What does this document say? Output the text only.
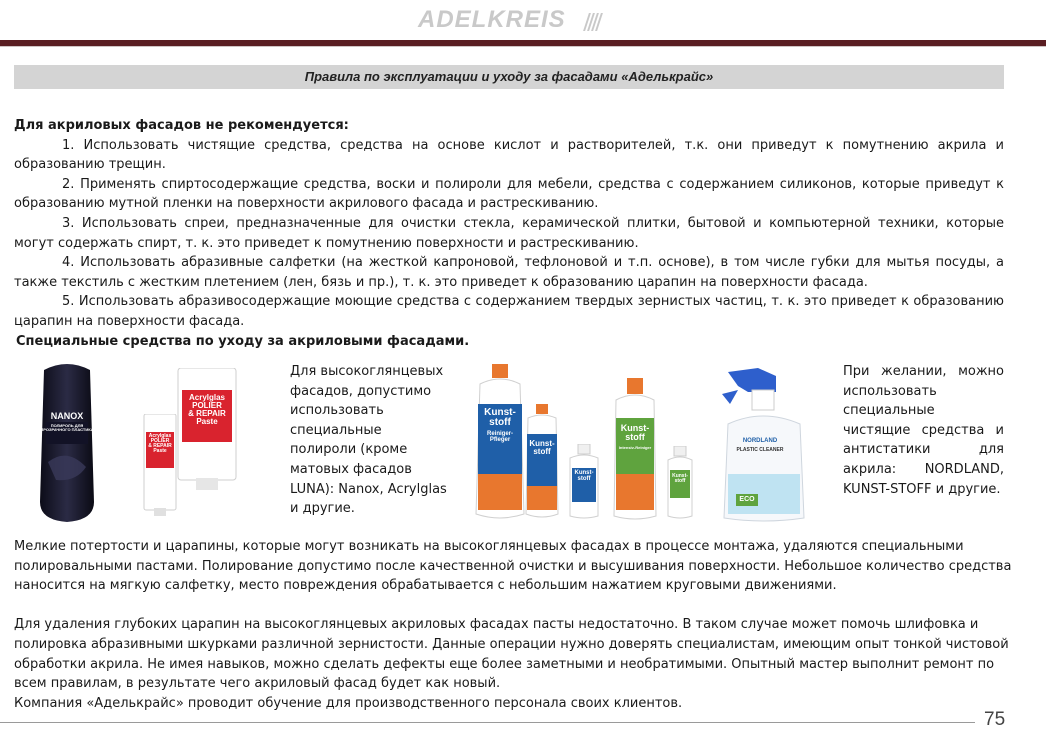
ADELKREIS
Правила по эксплуатации и уходу за фасадами «Аделькрайс»
Для акриловых фасадов не рекомендуется:

1. Использовать чистящие средства, средства на основе кислот и растворителей, т.к. они приведут к помутнению акрила и образованию трещин.

2. Применять спиртосодержащие средства, воски и полироли для мебели, средства с содержанием силиконов, которые приведут к образованию мутной пленки на поверхности акрилового фасада и растрескиванию.

3. Использовать спреи, предназначенные для очистки стекла, керамической плитки, бытовой и компьютерной техники, которые могут содержать спирт, т. к. это приведет к помутнению поверхности и растрескиванию.

4. Использовать абразивные салфетки (на жесткой капроновой, тефлоновой и т.п. основе), в том числе губки для мытья посуды, а также текстиль с жестким плетением (лен, бязь и пр.), т. к. это приведет к образованию царапин на поверхности фасада.

5. Использовать абразивосодержащие моющие средства с содержанием твердых зернистых частиц, т. к. это приведет к образованию царапин на поверхности фасада.

Специальные средства по уходу за акриловыми фасадами.
NANOX
ПОЛИРОЛЬ ДЛЯ ПРОЗРАЧНОГО ПЛАСТИКА
Acrylglas
POLIER
& REPAIR
Paste
Acrylglas
POLIER
& REPAIR
Paste
Для высокоглянцевых фасадов, допустимо использовать специальные полироли (кроме матовых фасадов LUNA): Nanox, Acrylglas и другие.
Kunst-
stoff
Reiniger-
Pfleger	Kunst-
stoff
Kunst-
stoff
Kunst-
stoff
Intensiv-Reiniger
Kunst-
stoff
NORDLAND
PLASTIC CLEANER
ECO
При желании, можно использовать специальные чистящие средства и антистатики для акрила: NORDLAND, KUNST-STOFF и другие.

Мелкие потертости и царапины, которые могут возникать на высокоглянцевых фасадах в процессе монтажа, удаляются специальными полировальными пастами. Полирование допустимо после качественной очистки и высушивания поверхности. Небольшое количество средства наносится на мягкую салфетку, место повреждения обрабатывается с небольшим нажатием круговыми движениями.

Для удаления глубоких царапин на высокоглянцевых акриловых фасадах пасты недостаточно. В таком случае может помочь шлифовка и полировка абразивными шкурками различной зернистости. Данные операции нужно доверять специалистам, имеющим опыт тонкой чистовой обработки акрила. Не имея навыков, можно сделать дефекты еще более заметными и необратимыми. Опытный мастер выполнит ремонт по всем правилам, в результате чего акриловый фасад будет как новый.

Компания «Аделькрайс» проводит обучение для производственного персонала своих клиентов.

75
